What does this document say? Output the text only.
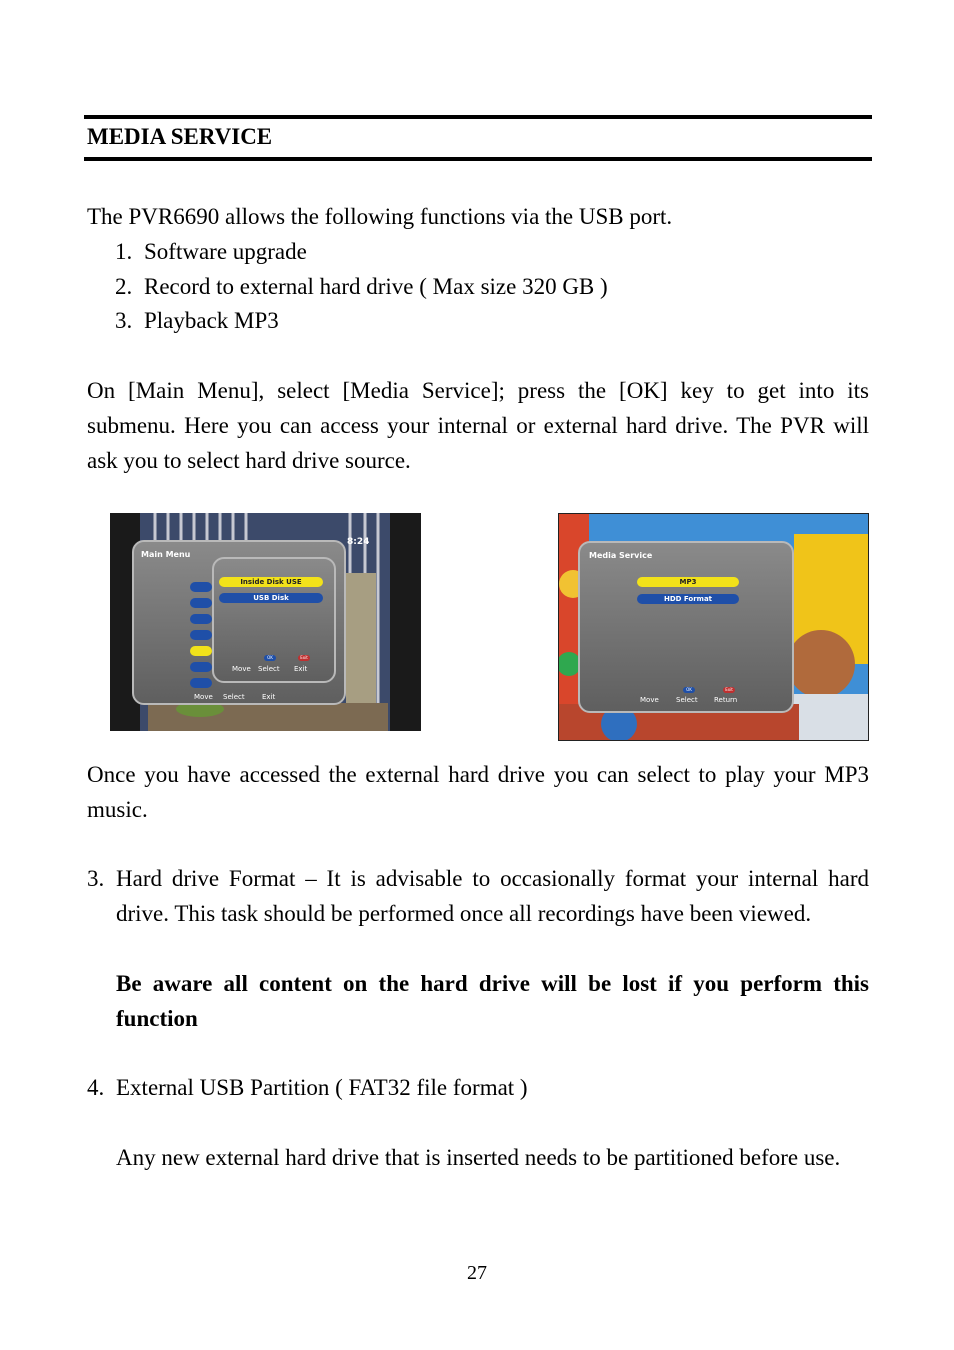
MEDIA SERVICE
The PVR6690 allows the following functions via the USB port.
1. Software upgrade
2. Record to external hard drive ( Max size 320 GB )
3. Playback MP3
On [Main Menu], select [Media Service]; press the [OK] key to get into its submenu. Here you can access your internal or external hard drive. The PVR will ask you to select hard drive source.
8:24
Main Menu
Move Select Exit
Inside Disk USE
USB Disk
OK	Exit
Move Select Exit
Media Service
MP3
HDD Format
OK	Exit
Move Select Return
Once you have accessed the external hard drive you can select to play your MP3 music.
3. Hard drive Format – It is advisable to occasionally format your internal hard drive. This task should be performed once all recordings have been viewed.
Be aware all content on the hard drive will be lost if you perform this function
4. External USB Partition ( FAT32 file format )
Any new external hard drive that is inserted needs to be partitioned before use.
27
